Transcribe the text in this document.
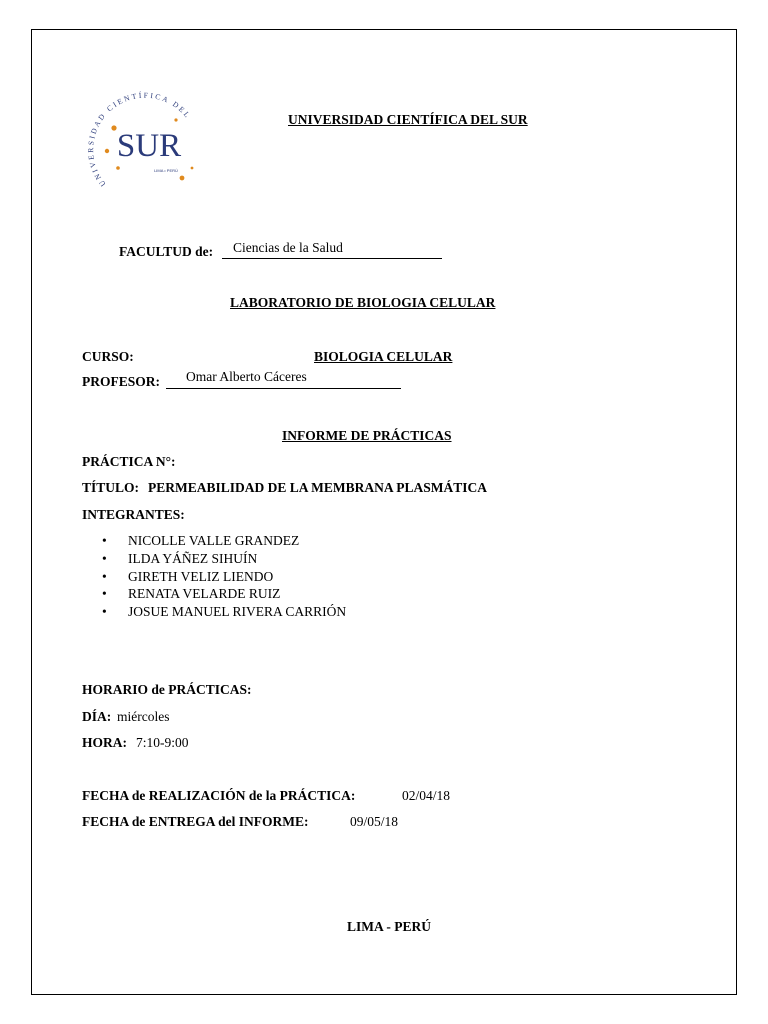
UNIVERSIDAD CIENTÍFICA DEL
SUR
LIMA • PERÚ
UNIVERSIDAD CIENTÍFICA DEL SUR
FACULTUD de: Ciencias de la Salud
LABORATORIO DE BIOLOGIA CELULAR
CURSO:	BIOLOGIA CELULAR
PROFESOR: Omar Alberto Cáceres
INFORME DE PRÁCTICAS
PRÁCTICA N°:
TÍTULO: PERMEABILIDAD DE LA MEMBRANA PLASMÁTICA
INTEGRANTES:
• NICOLLE VALLE GRANDEZ
• ILDA YÁÑEZ SIHUÍN
• GIRETH VELIZ LIENDO
• RENATA VELARDE RUIZ
• JOSUE MANUEL RIVERA CARRIÓN
HORARIO de PRÁCTICAS:
DÍA: miércoles
HORA: 7:10-9:00
FECHA de REALIZACIÓN de la PRÁCTICA:	02/04/18
FECHA de ENTREGA del INFORME:	09/05/18
LIMA - PERÚ
